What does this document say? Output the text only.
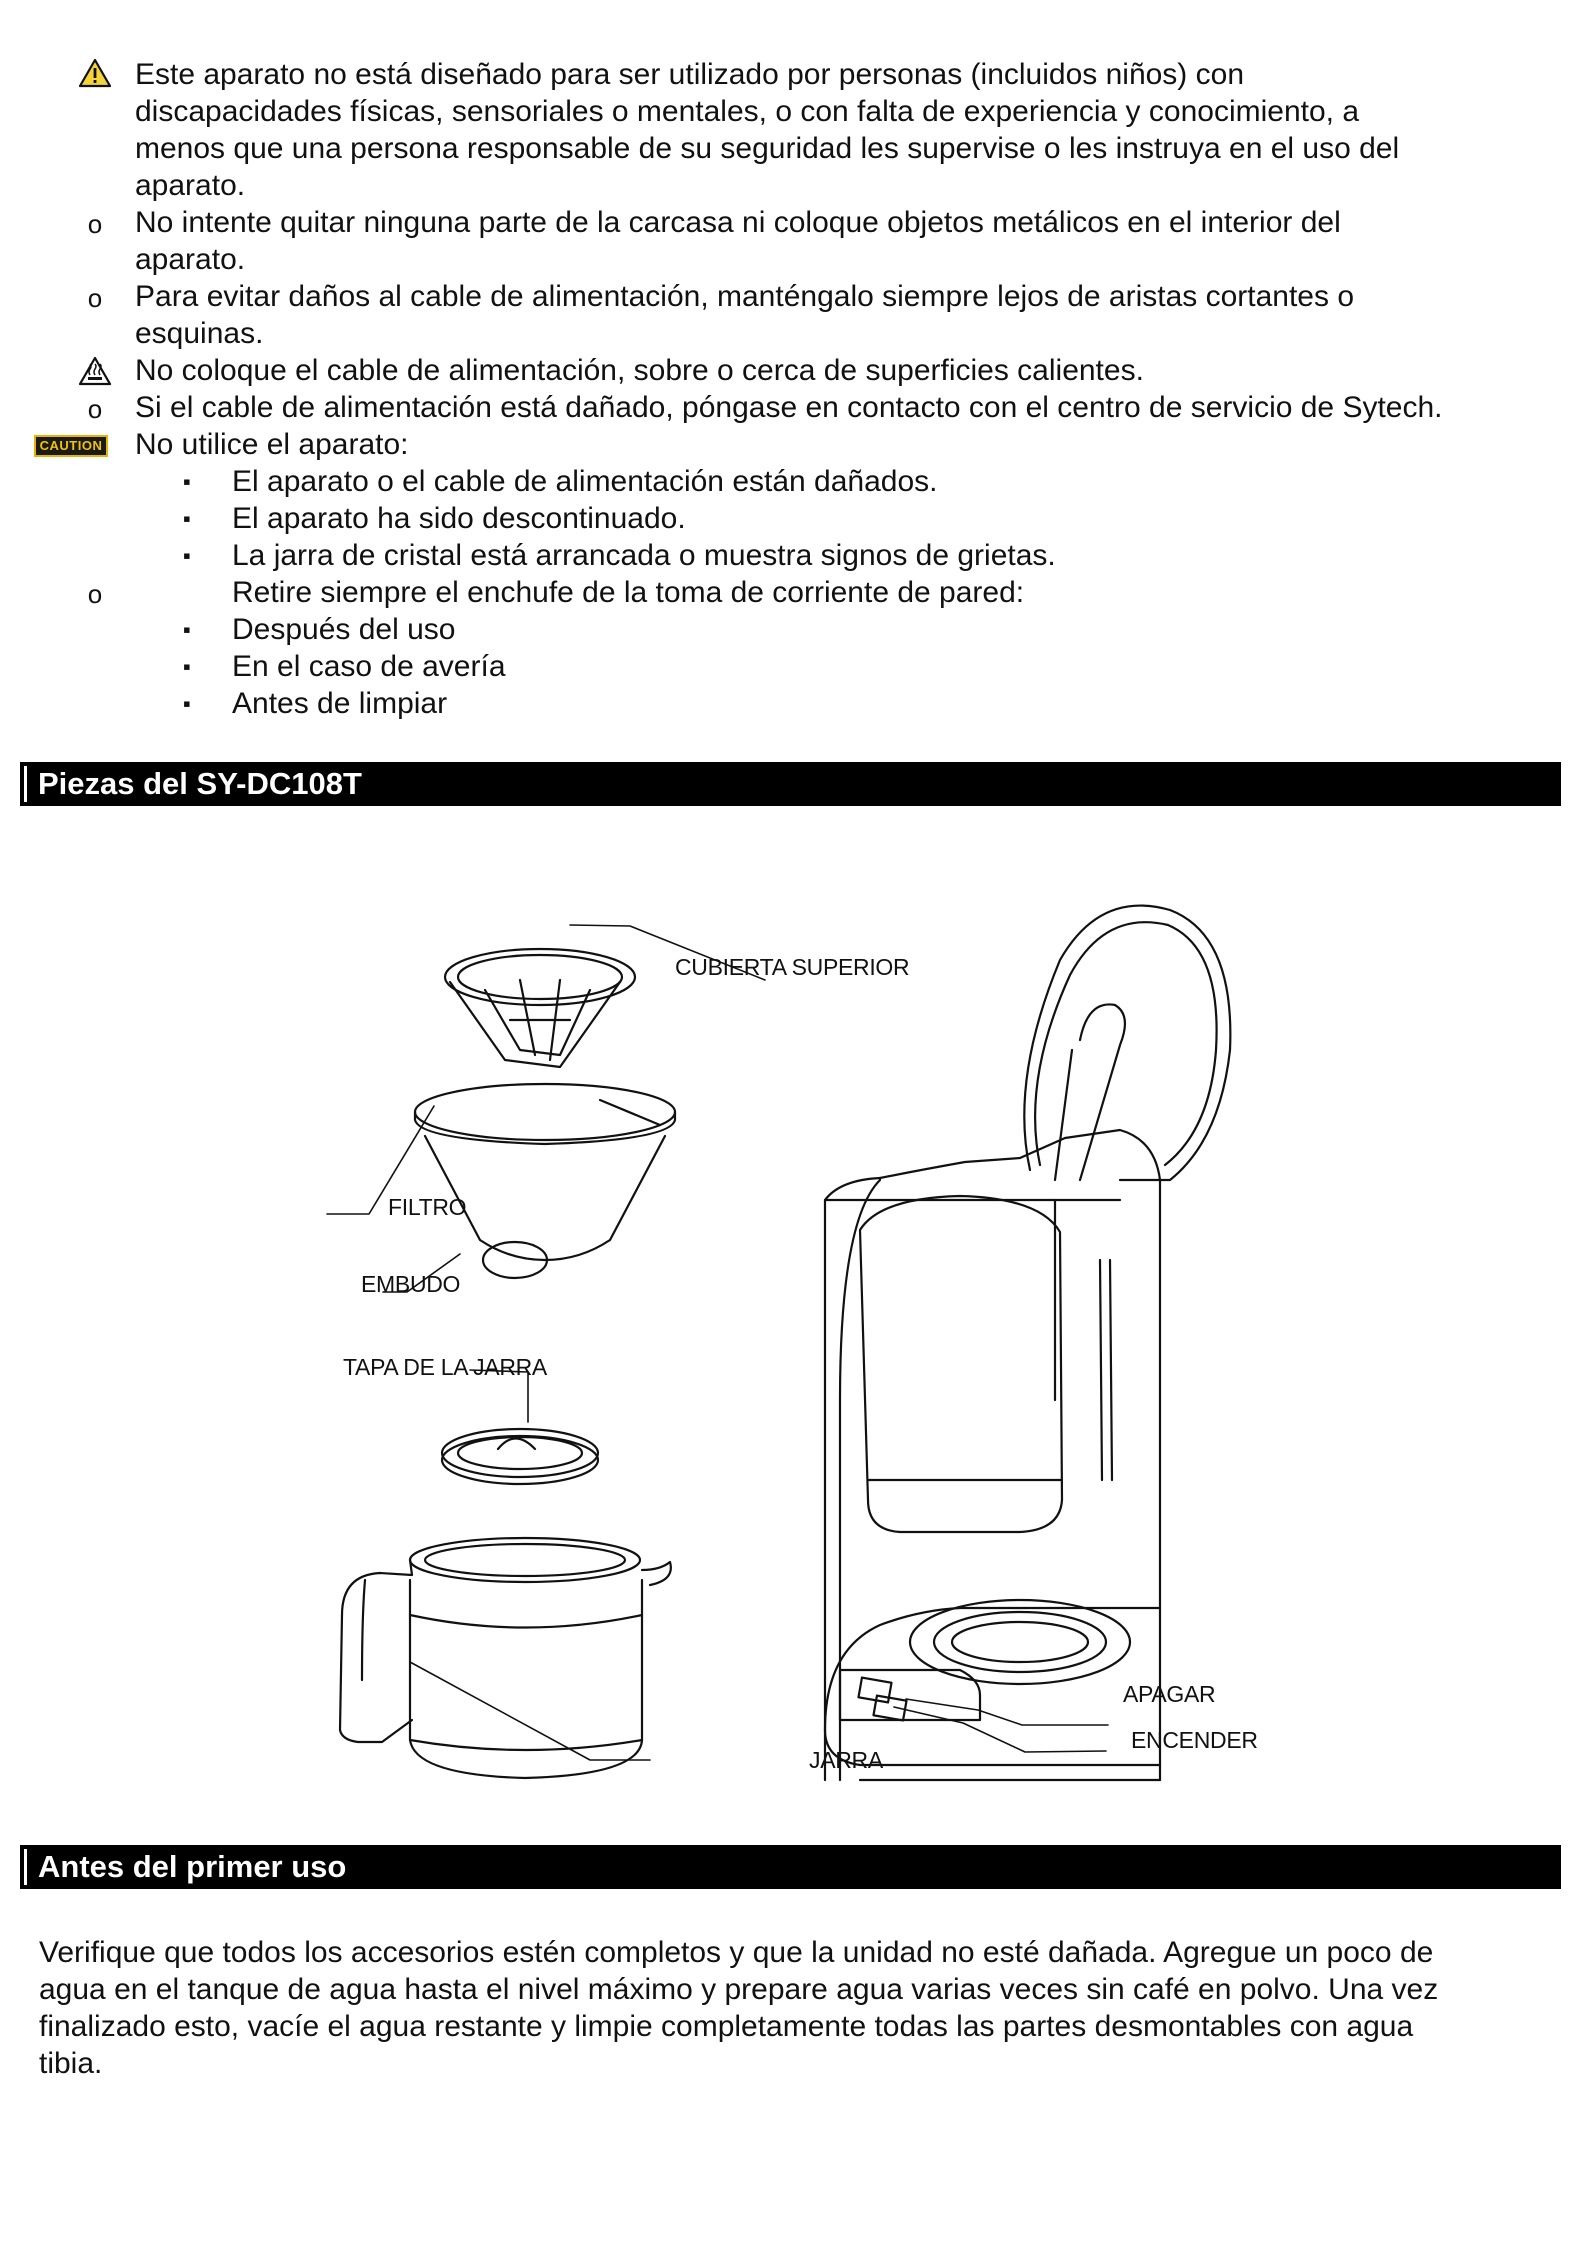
Este aparato no está diseñado para ser utilizado por personas (incluidos niños) con
discapacidades físicas, sensoriales o mentales, o con falta de experiencia y conocimiento, a
menos que una persona responsable de su seguridad les supervise o les instruya en el uso del
aparato.
o No intente quitar ninguna parte de la carcasa ni coloque objetos metálicos en el interior del
aparato.
o Para evitar daños al cable de alimentación, manténgalo siempre lejos de aristas cortantes o
esquinas.
No coloque el cable de alimentación, sobre o cerca de superficies calientes.
o Si el cable de alimentación está dañado, póngase en contacto con el centro de servicio de Sytech.
CAUTION No utilice el aparato:
▪ El aparato o el cable de alimentación están dañados.
▪ El aparato ha sido descontinuado.
▪ La jarra de cristal está arrancada o muestra signos de grietas.
o	Retire siempre el enchufe de la toma de corriente de pared:
▪ Después del uso
▪ En el caso de avería
▪ Antes de limpiar
Piezas del SY-DC108T
CUBIERTA SUPERIOR
FILTRO
EMBUDO
TAPA DE LA JARRA
APAGAR
ENCENDER
JARRA
Antes del primer uso
Verifique que todos los accesorios estén completos y que la unidad no esté dañada. Agregue un poco de
agua en el tanque de agua hasta el nivel máximo y prepare agua varias veces sin café en polvo. Una vez
finalizado esto, vacíe el agua restante y limpie completamente todas las partes desmontables con agua
tibia.
